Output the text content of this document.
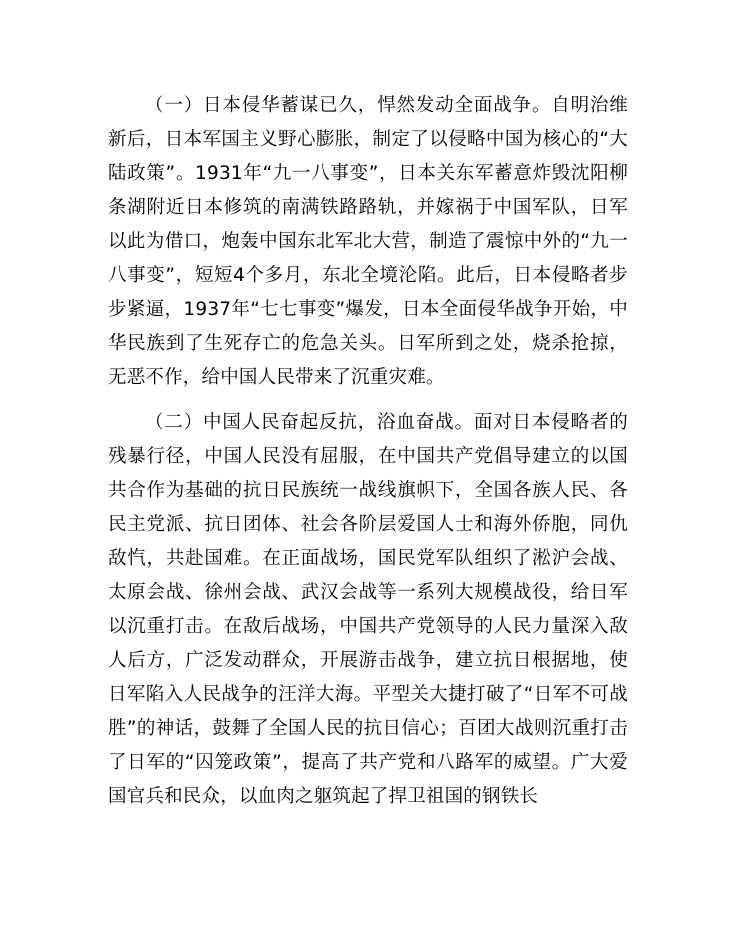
（一）日本侵华蓄谋已久，悍然发动全面战争。自明治维新后，日本军国主义野心膨胀，制定了以侵略中国为核心的“大陆政策”。1931年“九一八事变”，日本关东军蓄意炸毁沈阳柳条湖附近日本修筑的南满铁路路轨，并嫁祸于中国军队，日军以此为借口，炮轰中国东北军北大营，制造了震惊中外的“九一八事变”，短短4个多月，东北全境沦陷。此后，日本侵略者步步紧逼，1937年“七七事变”爆发，日本全面侵华战争开始，中华民族到了生死存亡的危急关头。日军所到之处，烧杀抢掠，无恶不作，给中国人民带来了沉重灾难。

（二）中国人民奋起反抗，浴血奋战。面对日本侵略者的残暴行径，中国人民没有屈服，在中国共产党倡导建立的以国共合作为基础的抗日民族统一战线旗帜下，全国各族人民、各民主党派、抗日团体、社会各阶层爱国人士和海外侨胞，同仇敌忾，共赴国难。在正面战场，国民党军队组织了淞沪会战、太原会战、徐州会战、武汉会战等一系列大规模战役，给日军以沉重打击。在敌后战场，中国共产党领导的人民力量深入敌人后方，广泛发动群众，开展游击战争，建立抗日根据地，使日军陷入人民战争的汪洋大海。平型关大捷打破了“日军不可战胜”的神话，鼓舞了全国人民的抗日信心；百团大战则沉重打击了日军的“囚笼政策”，提高了共产党和八路军的威望。广大爱国官兵和民众，以血肉之躯筑起了捍卫祖国的钢铁长
